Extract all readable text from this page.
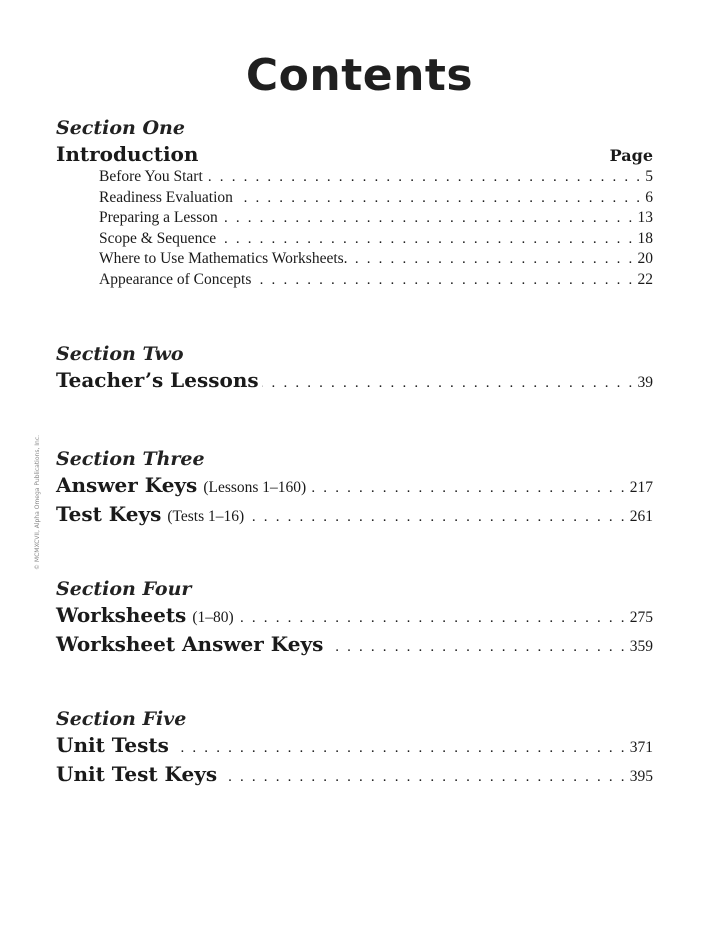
Contents
© MCMXCVII, Alpha Omega Publications, Inc.
Section One
Introduction	Page
Before You Start . . .	5
Readiness Evaluation . . .	6
Preparing a Lesson . . .	13
Scope & Sequence . . .	18
Where to Use Mathematics Worksheets. . . .	20
Appearance of Concepts . . .	22
Section Two
Teacher’s Lessons . . .	39
Section Three
Answer Keys (Lessons 1–160) . . .	217
Test Keys (Tests 1–16) . . .	261
Section Four
Worksheets (1–80) . . .	275
Worksheet Answer Keys . . .	359
Section Five
Unit Tests . . .	371
Unit Test Keys . . .	395
